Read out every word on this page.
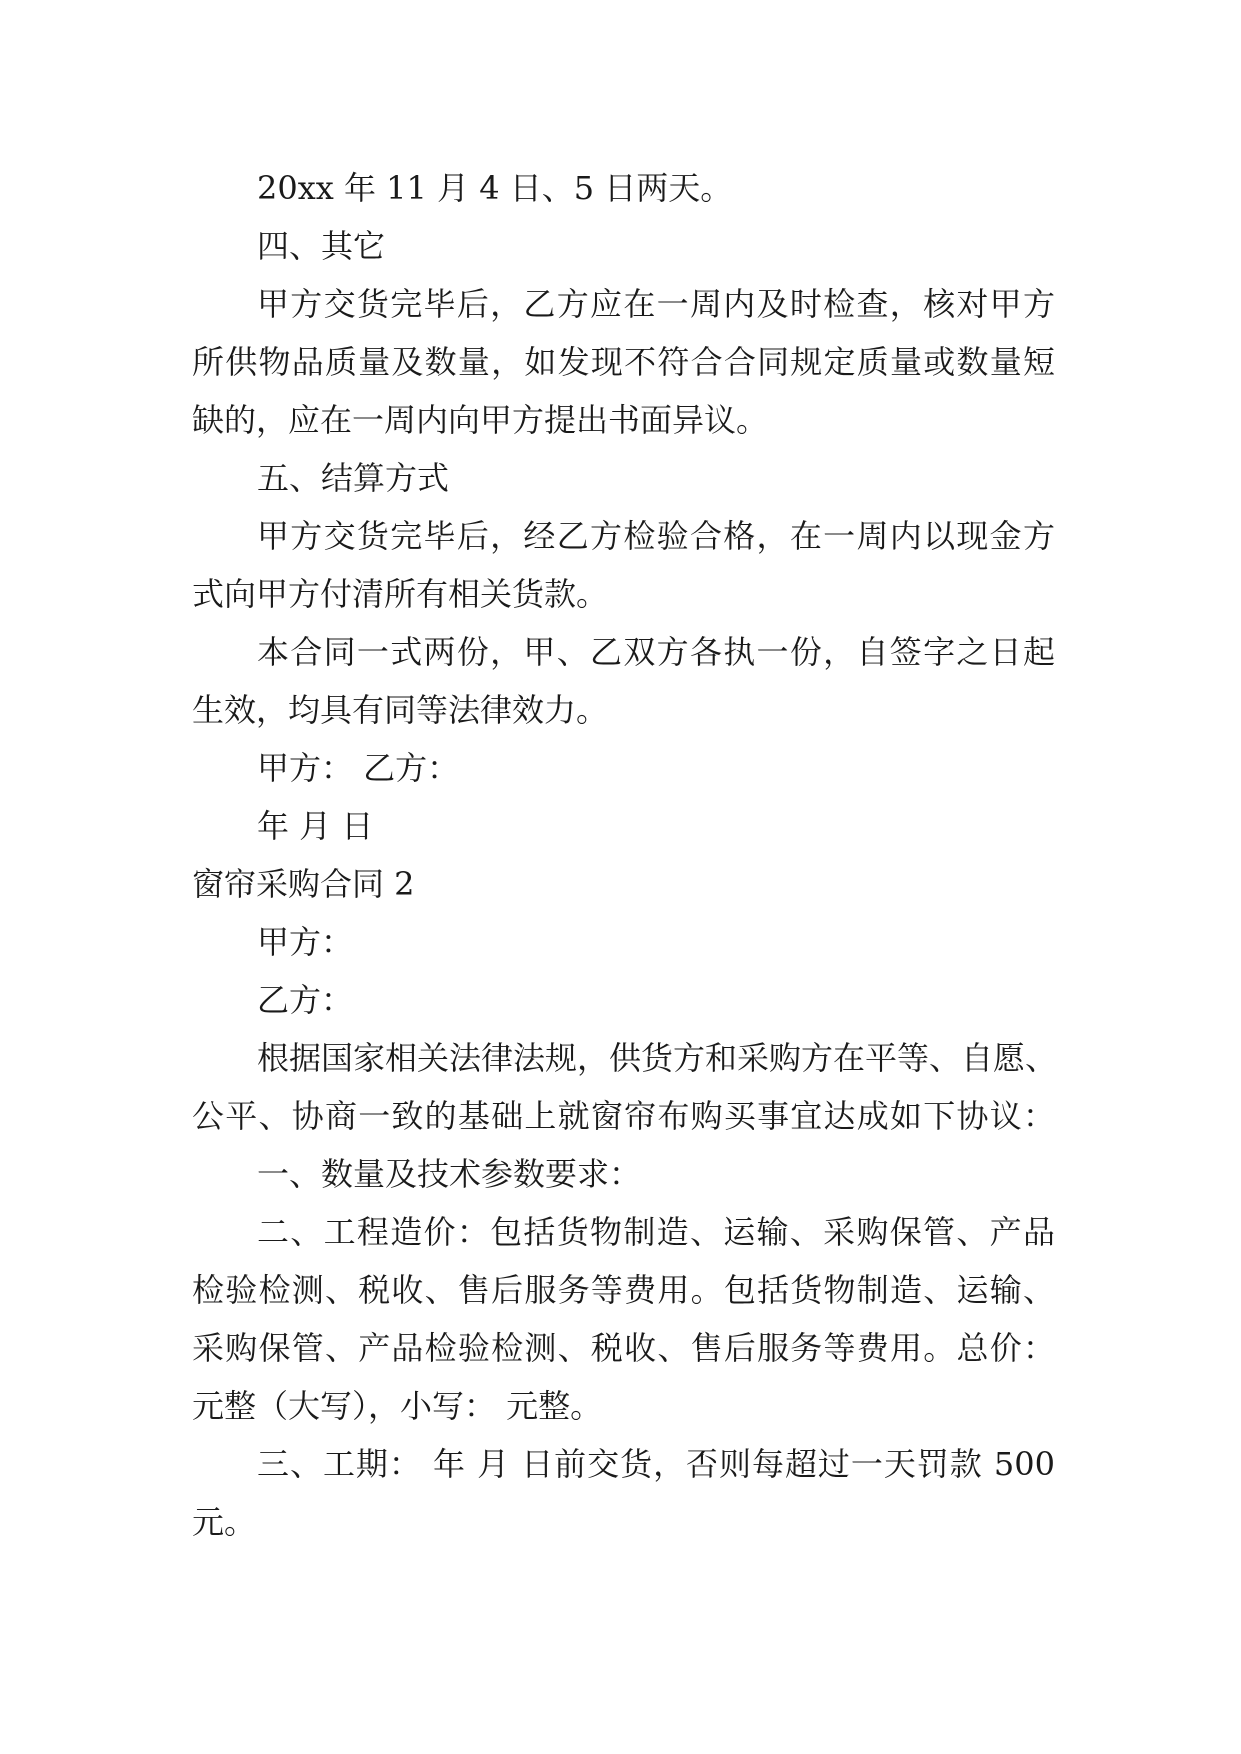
20xx 年 11 月 4 日、5 日两天。
四、其它
甲方交货完毕后，乙方应在一周内及时检查，核对甲方
所供物品质量及数量，如发现不符合合同规定质量或数量短
缺的，应在一周内向甲方提出书面异议。
五、结算方式
甲方交货完毕后，经乙方检验合格，在一周内以现金方
式向甲方付清所有相关货款。
本合同一式两份，甲、乙双方各执一份，自签字之日起
生效，均具有同等法律效力。
甲方： 乙方：
年 月 日
窗帘采购合同 2
甲方：
乙方：
根据国家相关法律法规，供货方和采购方在平等、自愿、
公平、协商一致的基础上就窗帘布购买事宜达成如下协议：
一、数量及技术参数要求：
二、工程造价：包括货物制造、运输、采购保管、产品
检验检测、税收、售后服务等费用。包括货物制造、运输、
采购保管、产品检验检测、税收、售后服务等费用。总价：
元整（大写），小写： 元整。
三、工期： 年 月 日前交货，否则每超过一天罚款 500
元。
